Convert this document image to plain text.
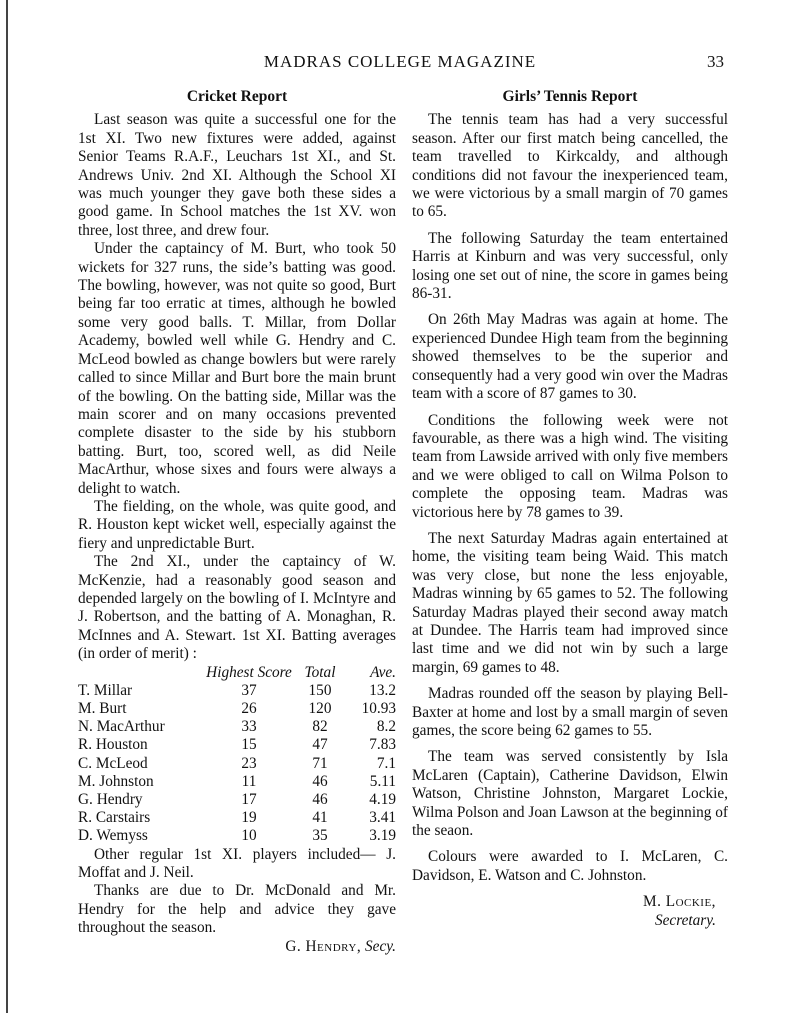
MADRAS COLLEGE MAGAZINE	33
Cricket Report

Last season was quite a successful one for the 1st XI. Two new fixtures were added, against Senior Teams R.A.F., Leuchars 1st XI., and St. Andrews Univ. 2nd XI. Although the School XI was much younger they gave both these sides a good game. In School matches the 1st XV. won three, lost three, and drew four.

Under the captaincy of M. Burt, who took 50 wickets for 327 runs, the side’s batting was good. The bowling, however, was not quite so good, Burt being far too erratic at times, although he bowled some very good balls. T. Millar, from Dollar Academy, bowled well while G. Hendry and C. McLeod bowled as change bowlers but were rarely called to since Millar and Burt bore the main brunt of the bowling. On the batting side, Millar was the main scorer and on many occasions prevented complete disaster to the side by his stubborn batting. Burt, too, scored well, as did Neile MacArthur, whose sixes and fours were always a delight to watch.

The fielding, on the whole, was quite good, and R. Houston kept wicket well, especially against the fiery and unpredictable Burt.

The 2nd XI., under the captaincy of W. McKenzie, had a reasonably good season and depended largely on the bowling of I. McIntyre and J. Robertson, and the batting of A. Monaghan, R. McInnes and A. Stewart. 1st XI. Batting averages (in order of merit) :

	Highest Score	Total	Ave.
T. Millar	37	150	13.2
M. Burt	26	120	10.93
N. MacArthur	33	82	8.2
R. Houston	15	47	7.83
C. McLeod	23	71	7.1
M. Johnston	11	46	5.11
G. Hendry	17	46	4.19
R. Carstairs	19	41	3.41
D. Wemyss	10	35	3.19

Other regular 1st XI. players included— J. Moffat and J. Neil.

Thanks are due to Dr. McDonald and Mr. Hendry for the help and advice they gave throughout the season.

G. Hendry, Secy.
Girls’ Tennis Report

The tennis team has had a very successful season. After our first match being cancelled, the team travelled to Kirkcaldy, and although conditions did not favour the inexperienced team, we were victorious by a small margin of 70 games to 65.

The following Saturday the team entertained Harris at Kinburn and was very successful, only losing one set out of nine, the score in games being 86-31.

On 26th May Madras was again at home. The experienced Dundee High team from the beginning showed themselves to be the superior and consequently had a very good win over the Madras team with a score of 87 games to 30.

Conditions the following week were not favourable, as there was a high wind. The visiting team from Lawside arrived with only five members and we were obliged to call on Wilma Polson to complete the opposing team. Madras was victorious here by 78 games to 39.

The next Saturday Madras again entertained at home, the visiting team being Waid. This match was very close, but none the less enjoyable, Madras winning by 65 games to 52. The following Saturday Madras played their second away match at Dundee. The Harris team had improved since last time and we did not win by such a large margin, 69 games to 48.

Madras rounded off the season by playing Bell-Baxter at home and lost by a small margin of seven games, the score being 62 games to 55.

The team was served consistently by Isla McLaren (Captain), Catherine Davidson, Elwin Watson, Christine Johnston, Margaret Lockie, Wilma Polson and Joan Lawson at the beginning of the seaon.

Colours were awarded to I. McLaren, C. Davidson, E. Watson and C. Johnston.

M. Lockie,
Secretary.
